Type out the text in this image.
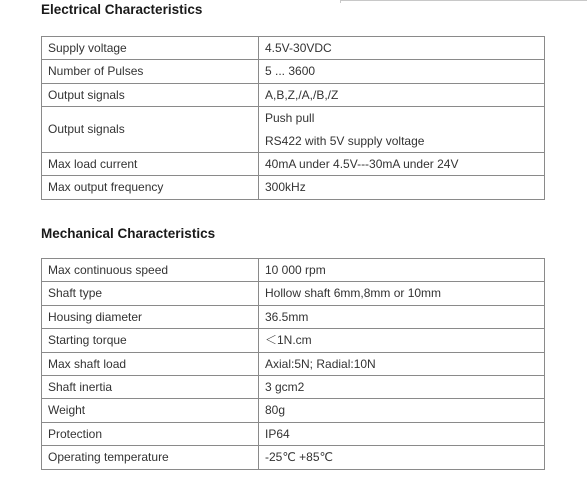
Electrical Characteristics
Supply voltage	4.5V-30VDC

Number of Pulses	5 ... 3600

Output signals	A,B,Z,/A,/B,/Z

Output signals	Push pull
RS422 with 5V supply voltage

Max load current	40mA under 4.5V---30mA under 24V

Max output frequency	300kHz
Mechanical Characteristics
Max continuous speed	10 000 rpm

Shaft type	Hollow shaft 6mm,8mm or 10mm

Housing diameter	36.5mm

Starting torque	＜1N.cm

Max shaft load	Axial:5N; Radial:10N

Shaft inertia	3 gcm2

Weight	80g

Protection	IP64

Operating temperature	-25℃ +85℃
